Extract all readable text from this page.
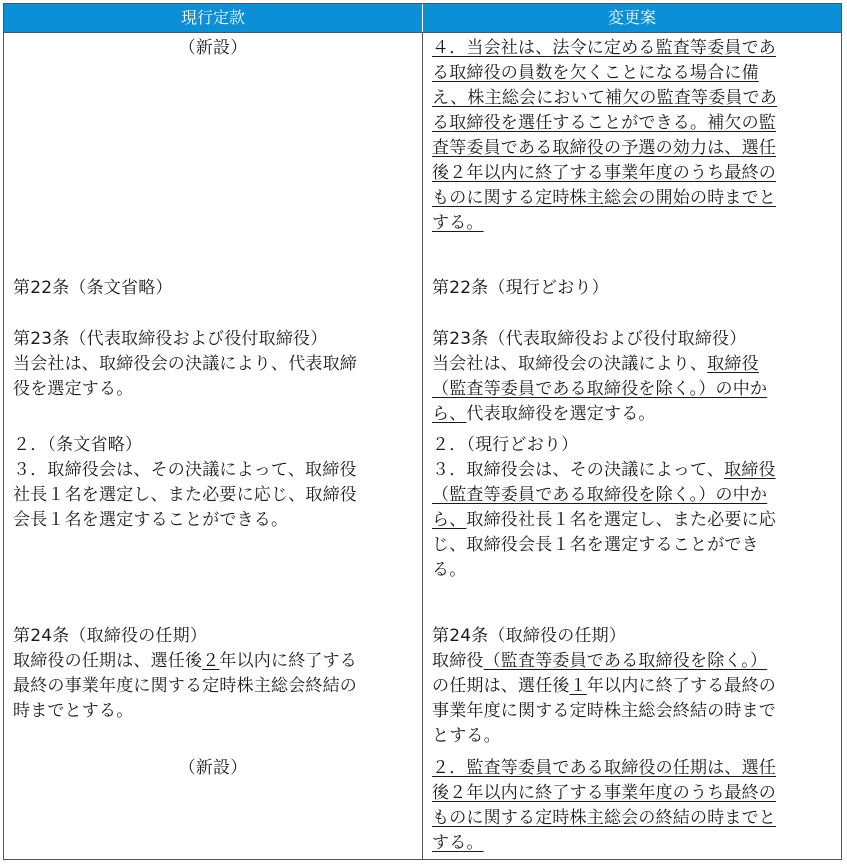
現行定款	変更案
（新設）
第22条（条文省略）
第23条（代表取締役および役付取締役）
当会社は、取締役会の決議により、代表取締
役を選定する。
２．（条文省略）
３．取締役会は、その決議によって、取締役
社長１名を選定し、また必要に応じ、取締役
会長１名を選定することができる。
第24条（取締役の任期）
取締役の任期は、選任後２年以内に終了する
最終の事業年度に関する定時株主総会終結の
時までとする。
（新設）
４．当会社は、法令に定める監査等委員であ
る取締役の員数を欠くことになる場合に備
え、株主総会において補欠の監査等委員であ
る取締役を選任することができる。補欠の監
査等委員である取締役の予選の効力は、選任
後２年以内に終了する事業年度のうち最終の
ものに関する定時株主総会の開始の時までと
する。
第22条（現行どおり）
第23条（代表取締役および役付取締役）
当会社は、取締役会の決議により、取締役
（監査等委員である取締役を除く。）の中か
ら、代表取締役を選定する。
２．（現行どおり）
３．取締役会は、その決議によって、取締役
（監査等委員である取締役を除く。）の中か
ら、取締役社長１名を選定し、また必要に応
じ、取締役会長１名を選定することができ
る。
第24条（取締役の任期）
取締役（監査等委員である取締役を除く。）
の任期は、選任後１年以内に終了する最終の
事業年度に関する定時株主総会終結の時まで
とする。
２．監査等委員である取締役の任期は、選任
後２年以内に終了する事業年度のうち最終の
ものに関する定時株主総会の終結の時までと
する。
